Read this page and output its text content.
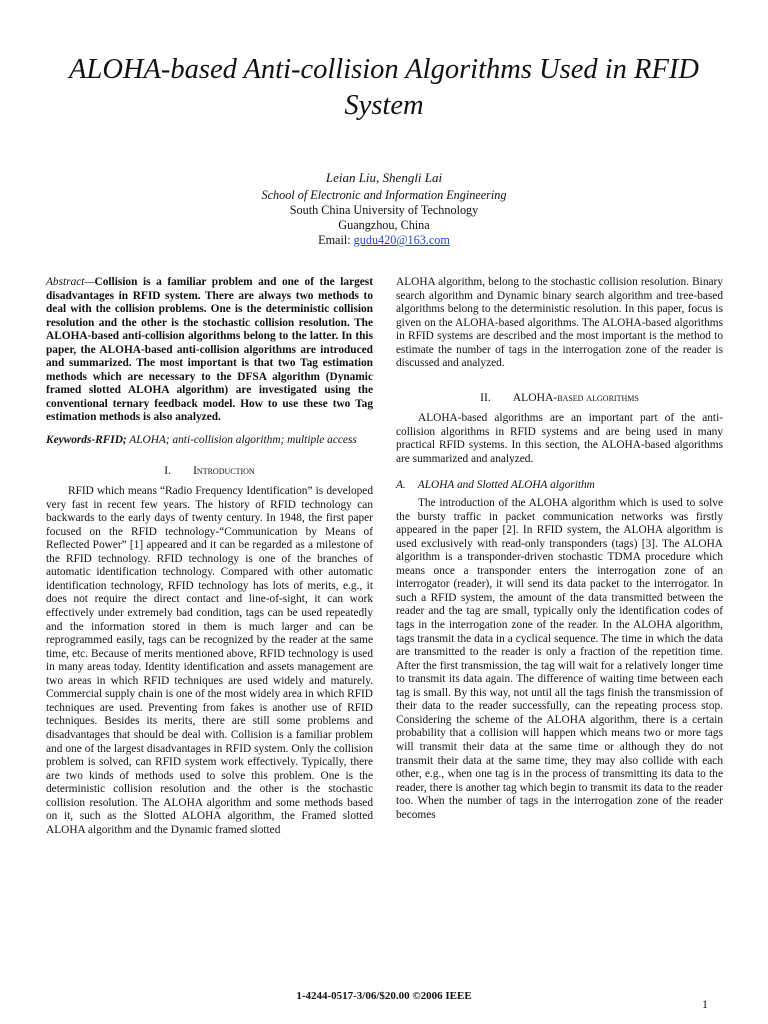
ALOHA-based Anti-collision Algorithms Used in RFID System
Leian Liu, Shengli Lai
School of Electronic and Information Engineering
South China University of Technology
Guangzhou, China
Email: gudu420@163.com
Abstract—Collision is a familiar problem and one of the largest disadvantages in RFID system. There are always two methods to deal with the collision problems. One is the deterministic collision resolution and the other is the stochastic collision resolution. The ALOHA-based anti-collision algorithms belong to the latter. In this paper, the ALOHA-based anti-collision algorithms are introduced and summarized. The most important is that two Tag estimation methods which are necessary to the DFSA algorithm (Dynamic framed slotted ALOHA algorithm) are investigated using the conventional ternary feedback model. How to use these two Tag estimation methods is also analyzed.
Keywords-RFID; ALOHA; anti-collision algorithm; multiple access
I. Introduction

RFID which means “Radio Frequency Identification” is developed very fast in recent few years. The history of RFID technology can backwards to the early days of twenty century. In 1948, the first paper focused on the RFID technology-“Communication by Means of Reflected Power” [1] appeared and it can be regarded as a milestone of the RFID technology. RFID technology is one of the branches of automatic identification technology. Compared with other automatic identification technology, RFID technology has lots of merits, e.g., it does not require the direct contact and line-of-sight, it can work effectively under extremely bad condition, tags can be used repeatedly and the information stored in them is much larger and can be reprogrammed easily, tags can be recognized by the reader at the same time, etc. Because of merits mentioned above, RFID technology is used in many areas today. Identity identification and assets management are two areas in which RFID techniques are used widely and maturely. Commercial supply chain is one of the most widely area in which RFID techniques are used. Preventing from fakes is another use of RFID techniques. Besides its merits, there are still some problems and disadvantages that should be deal with. Collision is a familiar problem and one of the largest disadvantages in RFID system. Only the collision problem is solved, can RFID system work effectively. Typically, there are two kinds of methods used to solve this problem. One is the deterministic collision resolution and the other is the stochastic collision resolution. The ALOHA algorithm and some methods based on it, such as the Slotted ALOHA algorithm, the Framed slotted ALOHA algorithm and the Dynamic framed slotted

ALOHA algorithm, belong to the stochastic collision resolution. Binary search algorithm and Dynamic binary search algorithm and tree-based algorithms belong to the deterministic resolution. In this paper, focus is given on the ALOHA-based algorithms. The ALOHA-based algorithms in RFID systems are described and the most important is the method to estimate the number of tags in the interrogation zone of the reader is discussed and analyzed.

II. ALOHA-based algorithms

ALOHA-based algorithms are an important part of the anti-collision algorithms in RFID systems and are being used in many practical RFID systems. In this section, the ALOHA-based algorithms are summarized and analyzed.

A. ALOHA and Slotted ALOHA algorithm

The introduction of the ALOHA algorithm which is used to solve the bursty traffic in packet communication networks was firstly appeared in the paper [2]. In RFID system, the ALOHA algorithm is used exclusively with read-only transponders (tags) [3]. The ALOHA algorithm is a transponder-driven stochastic TDMA procedure which means once a transponder enters the interrogation zone of an interrogator (reader), it will send its data packet to the interrogator. In such a RFID system, the amount of the data transmitted between the reader and the tag are small, typically only the identification codes of tags in the interrogation zone of the reader. In the ALOHA algorithm, tags transmit the data in a cyclical sequence. The time in which the data are transmitted to the reader is only a fraction of the repetition time. After the first transmission, the tag will wait for a relatively longer time to transmit its data again. The difference of waiting time between each tag is small. By this way, not until all the tags finish the transmission of their data to the reader successfully, can the repeating process stop. Considering the scheme of the ALOHA algorithm, there is a certain probability that a collision will happen which means two or more tags will transmit their data at the same time or although they do not transmit their data at the same time, they may also collide with each other, e.g., when one tag is in the process of transmitting its data to the reader, there is another tag which begin to transmit its data to the reader too. When the number of tags in the interrogation zone of the reader becomes

1-4244-0517-3/06/$20.00 ©2006 IEEE
1
